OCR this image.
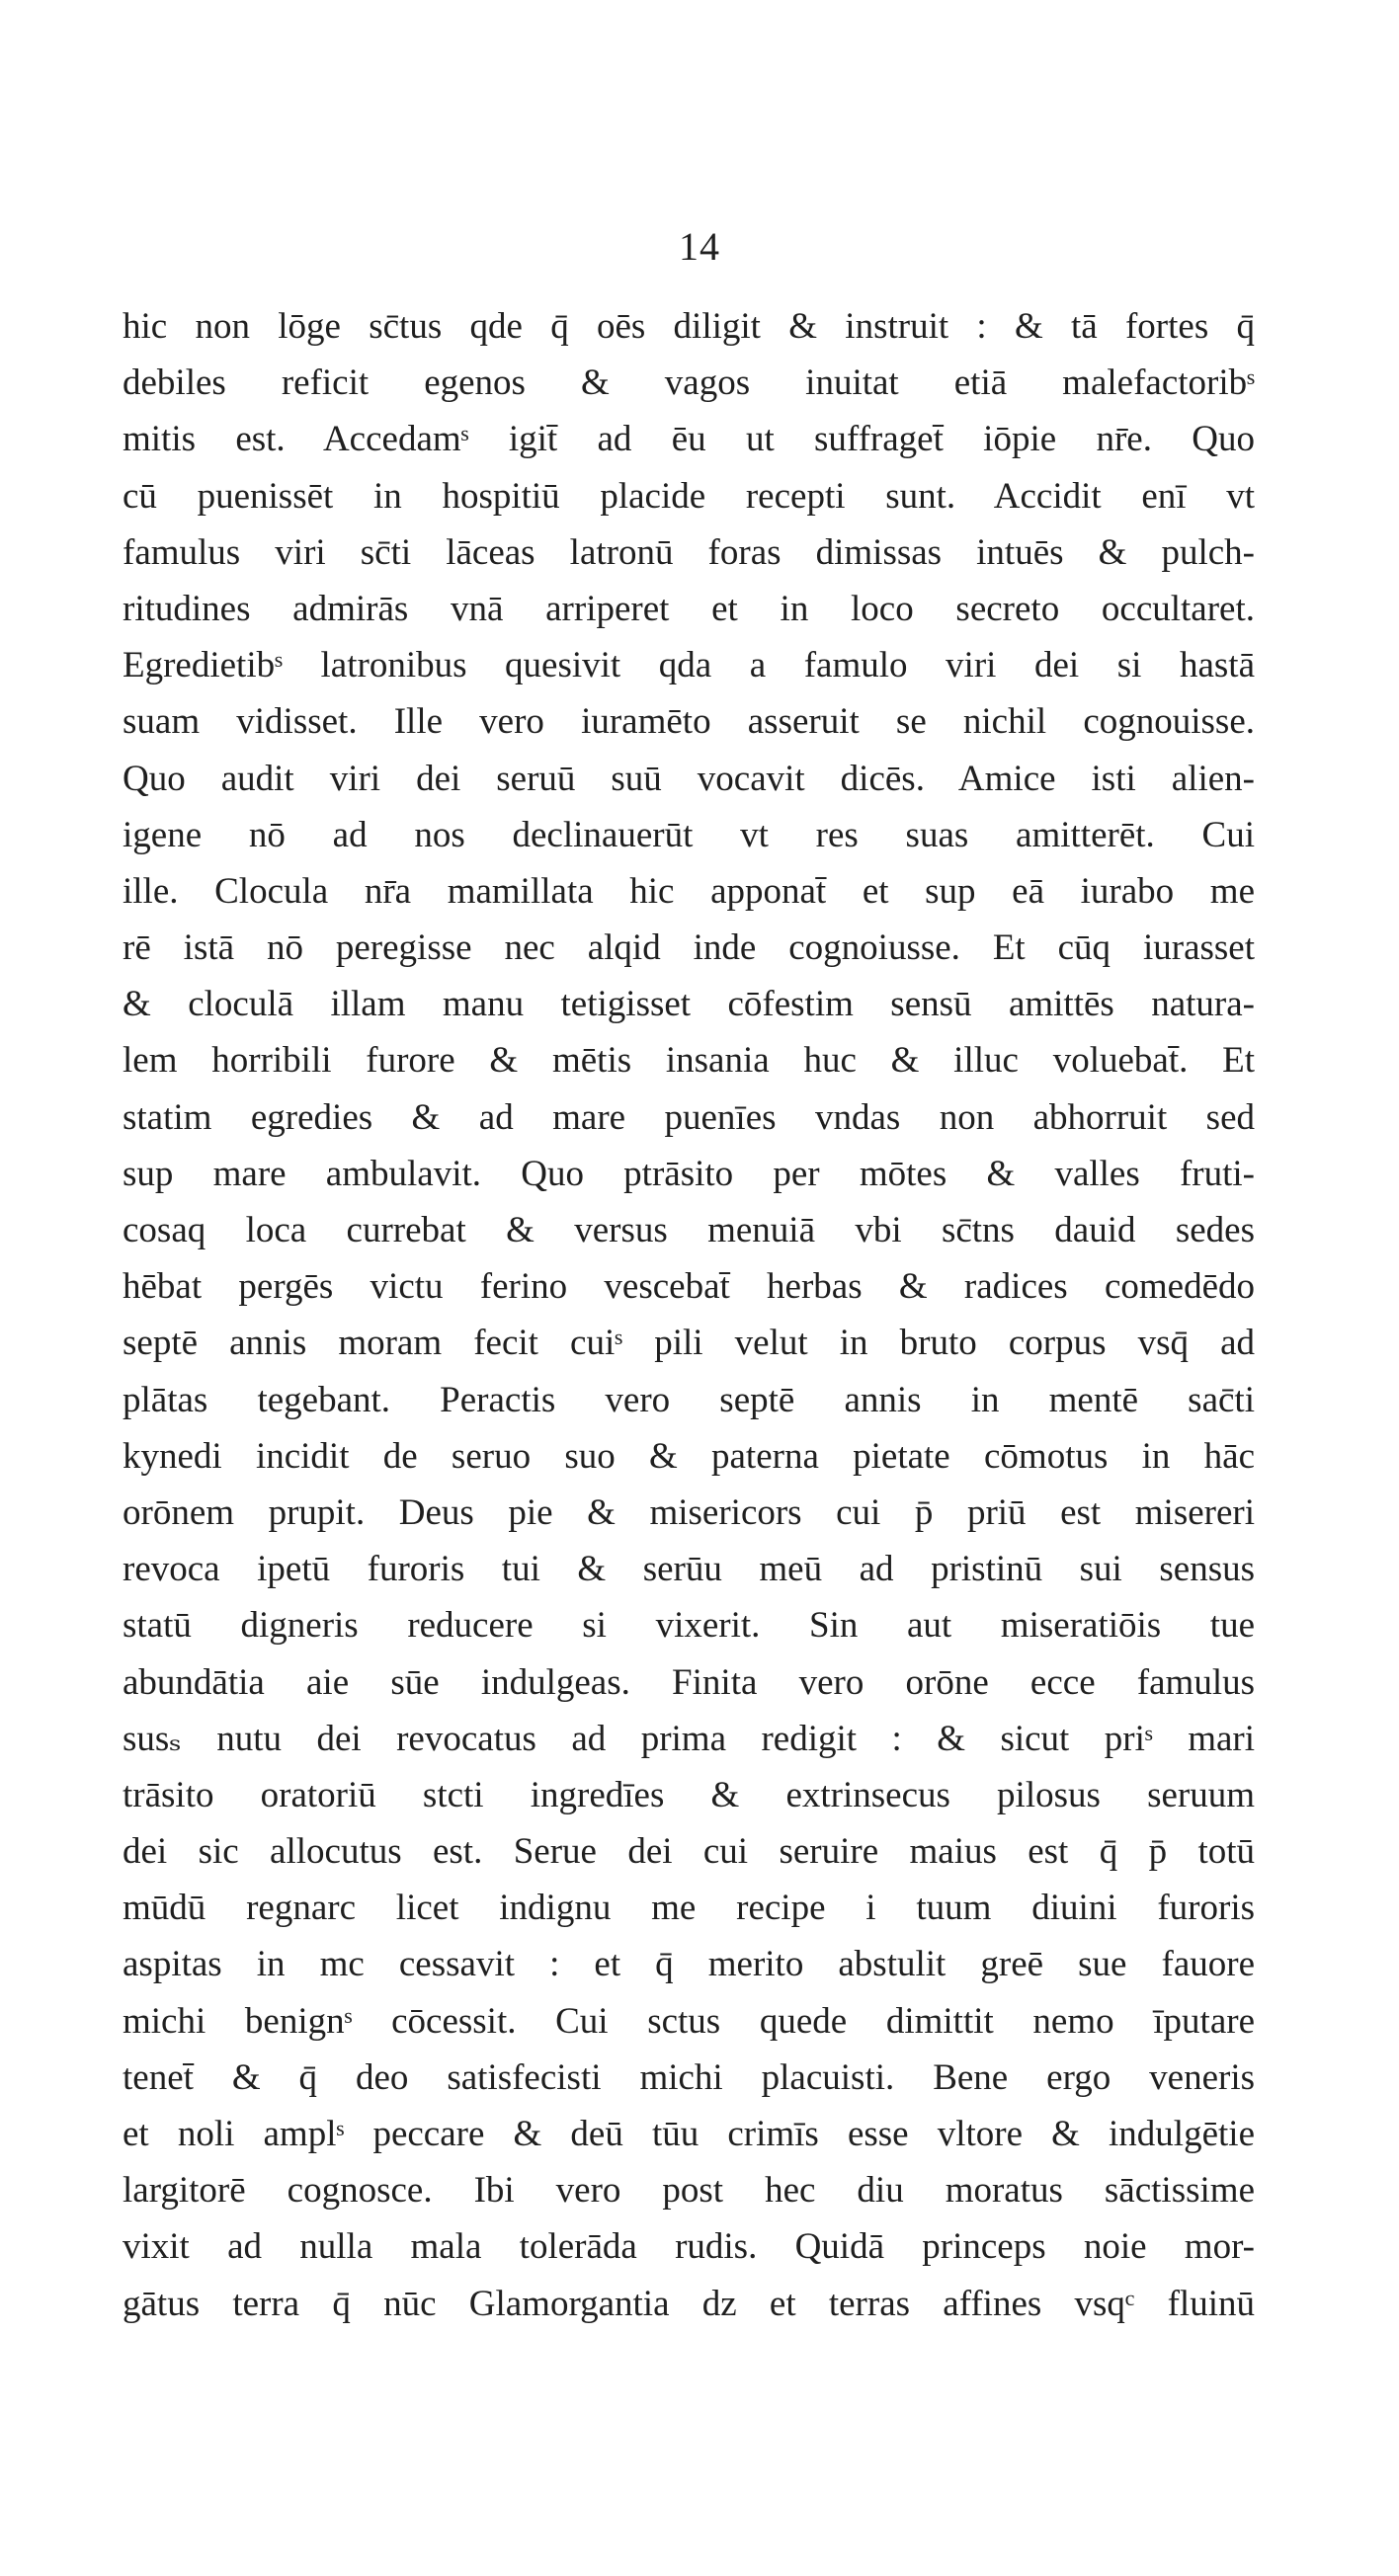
14
hic non lōge sc̄tus qde q̄ oēs diligit & instruit : & tā fortes q̄
debiles reficit egenos & vagos inuitat etiā malefactoribˢ
mitis est. Accedamˢ igit̄ ad ēu ut suffraget̄ iōpie nr̄e. Quo
cū puenissēt in hospitiū placide recepti sunt. Accidit enī vt
famulus viri sc̄ti lāceas latronū foras dimissas intuēs & pulch-
ritudines admirās vnā arriperet et in loco secreto occultaret.
Egredietibˢ latronibus quesivit qda a famulo viri dei si hastā
suam vidisset. Ille vero iuramēto asseruit se nichil cognouisse.
Quo audit viri dei seruū suū vocavit dicēs. Amice isti alien-
igene nō ad nos declinauerūt vt res suas amitterēt. Cui
ille. Clocula nr̄a mamillata hic apponat̄ et sup eā iurabo me
rē istā nō peregisse nec alqid inde cognoiusse. Et cūq iurasset
& cloculā illam manu tetigisset cōfestim sensū amittēs natura-
lem horribili furore & mētis insania huc & illuc voluebat̄. Et
statim egredies & ad mare puenīes vndas non abhorruit sed
sup mare ambulavit. Quo ptrāsito per mōtes & valles fruti-
cosaq loca currebat & versus menuiā vbi sc̄tns dauid sedes
hēbat pergēs victu ferino vescebat̄ herbas & radices comedēdo
septē annis moram fecit cuiˢ pili velut in bruto corpus vsq̄ ad
plātas tegebant. Peractis vero septē annis in mentē sac̄ti
kynedi incidit de seruo suo & paterna pietate cōmotus in hāc
orōnem prupit. Deus pie & misericors cui p̄ priū est misereri
revoca ipetū furoris tui & serūu meū ad pristinū sui sensus
statū digneris reducere si vixerit. Sin aut miseratiōis tue
abundātia aie sūe indulgeas. Finita vero orōne ecce famulus
susₛ nutu dei revocatus ad prima redigit : & sicut priˢ mari
trāsito oratoriū stcti ingredīes & extrinsecus pilosus seruum
dei sic allocutus est. Serue dei cui seruire maius est q̄ p̄ totū
mūdū regnarc licet indignu me recipe i tuum diuini furoris
aspitas in mc cessavit : et q̄ merito abstulit greē sue fauore
michi benignˢ cōcessit. Cui sctus quede dimittit nemo īputare
tenet̄ & q̄ deo satisfecisti michi placuisti. Bene ergo veneris
et noli amplˢ peccare & deū tūu crimīs esse vltore & indulgētie
largitorē cognosce. Ibi vero post hec diu moratus sāctissime
vixit ad nulla mala tolerāda rudis. Quidā princeps noie mor-
gātus terra q̄ nūc Glamorgantia dz et terras affines vsqᶜ fluinū
